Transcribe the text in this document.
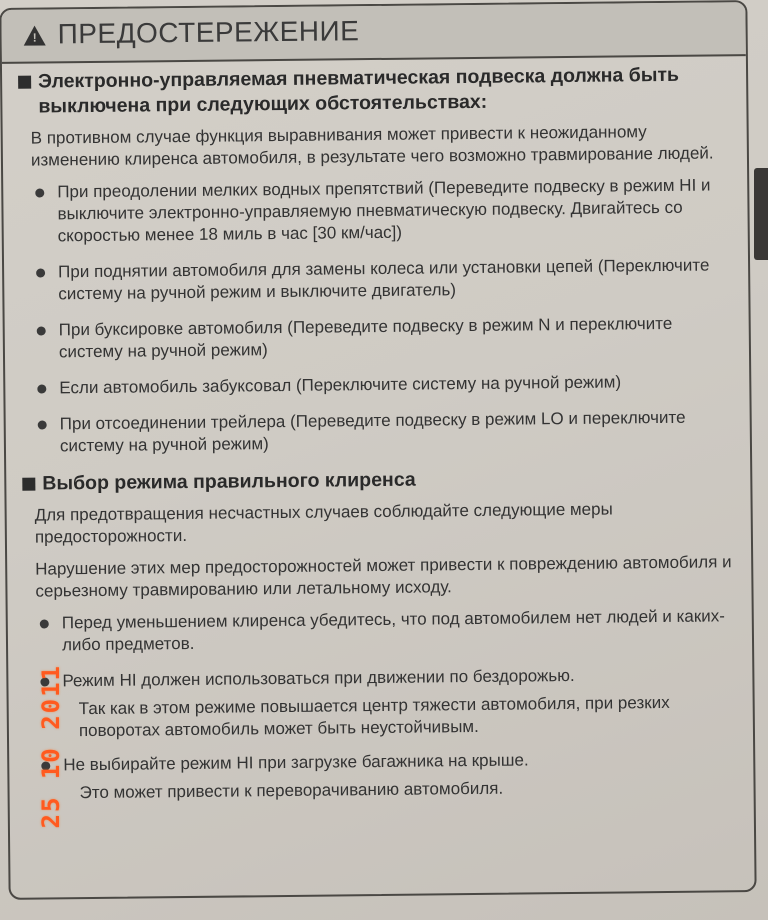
! ПРЕДОСТЕРЕЖЕНИЕ
Электронно-управляемая пневматическая подвеска должна быть выключена при следующих обстоятельствах:

В противном случае функция выравнивания может привести к неожиданному изменению клиренса автомобиля, в результате чего возможно травмирование людей.

При преодолении мелких водных препятствий (Переведите подвеску в режим HI и выключите электронно-управляемую пневматическую подвеску. Двигайтесь со скоростью менее 18 миль в час [30 км/час])
При поднятии автомобиля для замены колеса или установки цепей (Переключите систему на ручной режим и выключите двигатель)
При буксировке автомобиля (Переведите подвеску в режим N и переключите систему на ручной режим)
Если автомобиль забуксовал (Переключите систему на ручной режим)
При отсоединении трейлера (Переведите подвеску в режим LO и переключите систему на ручной режим)
Выбор режима правильного клиренса

Для предотвращения несчастных случаев соблюдайте следующие меры предосторожности.

Нарушение этих мер предосторожностей может привести к повреждению автомобиля и серьезному травмированию или летальному исходу.

Перед уменьшением клиренса убедитесь, что под автомобилем нет людей и каких-либо предметов.
Режим HI должен использоваться при движении по бездорожью.

Так как в этом режиме повышается центр тяжести автомобиля, при резких поворотах автомобиль может быть неустойчивым.

Не выбирайте режим HI при загрузке багажника на крыше.

Это может привести к переворачиванию автомобиля.

25 10 2011
